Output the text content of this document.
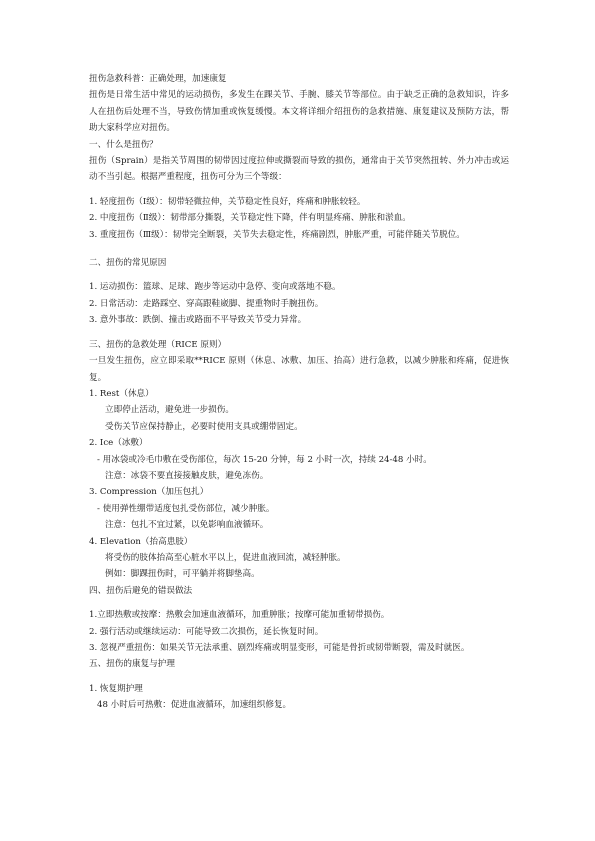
扭伤急救科普：正确处理，加速康复

扭伤是日常生活中常见的运动损伤，多发生在踝关节、手腕、膝关节等部位。由于缺乏正确的急救知识，许多人在扭伤后处理不当，导致伤情加重或恢复缓慢。本文将详细介绍扭伤的急救措施、康复建议及预防方法，帮助大家科学应对扭伤。

一、什么是扭伤？

扭伤（Sprain）是指关节周围的韧带因过度拉伸或撕裂而导致的损伤，通常由于关节突然扭转、外力冲击或运动不当引起。根据严重程度，扭伤可分为三个等级：

1. 轻度扭伤（Ⅰ级）：韧带轻微拉伸，关节稳定性良好，疼痛和肿胀较轻。

2. 中度扭伤（Ⅱ级）：韧带部分撕裂，关节稳定性下降，伴有明显疼痛、肿胀和淤血。

3. 重度扭伤（Ⅲ级）：韧带完全断裂，关节失去稳定性，疼痛剧烈，肿胀严重，可能伴随关节脱位。

二、扭伤的常见原因

1. 运动损伤：篮球、足球、跑步等运动中急停、变向或落地不稳。

2. 日常活动：走路踩空、穿高跟鞋崴脚、提重物时手腕扭伤。

3. 意外事故：跌倒、撞击或路面不平导致关节受力异常。

三、扭伤的急救处理（RICE 原则）

一旦发生扭伤，应立即采取**RICE 原则（休息、冰敷、加压、抬高）进行急救，以减少肿胀和疼痛，促进恢复。

1. Rest（休息）

立即停止活动，避免进一步损伤。

受伤关节应保持静止，必要时使用支具或绷带固定。

2. Ice（冰敷）

- 用冰袋或冷毛巾敷在受伤部位，每次 15-20 分钟，每 2 小时一次，持续 24-48 小时。

注意：冰袋不要直接接触皮肤，避免冻伤。

3. Compression（加压包扎）

- 使用弹性绷带适度包扎受伤部位，减少肿胀。

注意：包扎不宜过紧，以免影响血液循环。

4. Elevation（抬高患肢）

将受伤的肢体抬高至心脏水平以上，促进血液回流，减轻肿胀。

例如：脚踝扭伤时，可平躺并将脚垫高。

四、扭伤后避免的错误做法

1.立即热敷或按摩：热敷会加速血液循环，加重肿胀；按摩可能加重韧带损伤。

2. 强行活动或继续运动：可能导致二次损伤，延长恢复时间。

3. 忽视严重扭伤：如果关节无法承重、剧烈疼痛或明显变形，可能是骨折或韧带断裂，需及时就医。

五、扭伤的康复与护理

1. 恢复期护理

48 小时后可热敷：促进血液循环，加速组织修复。
